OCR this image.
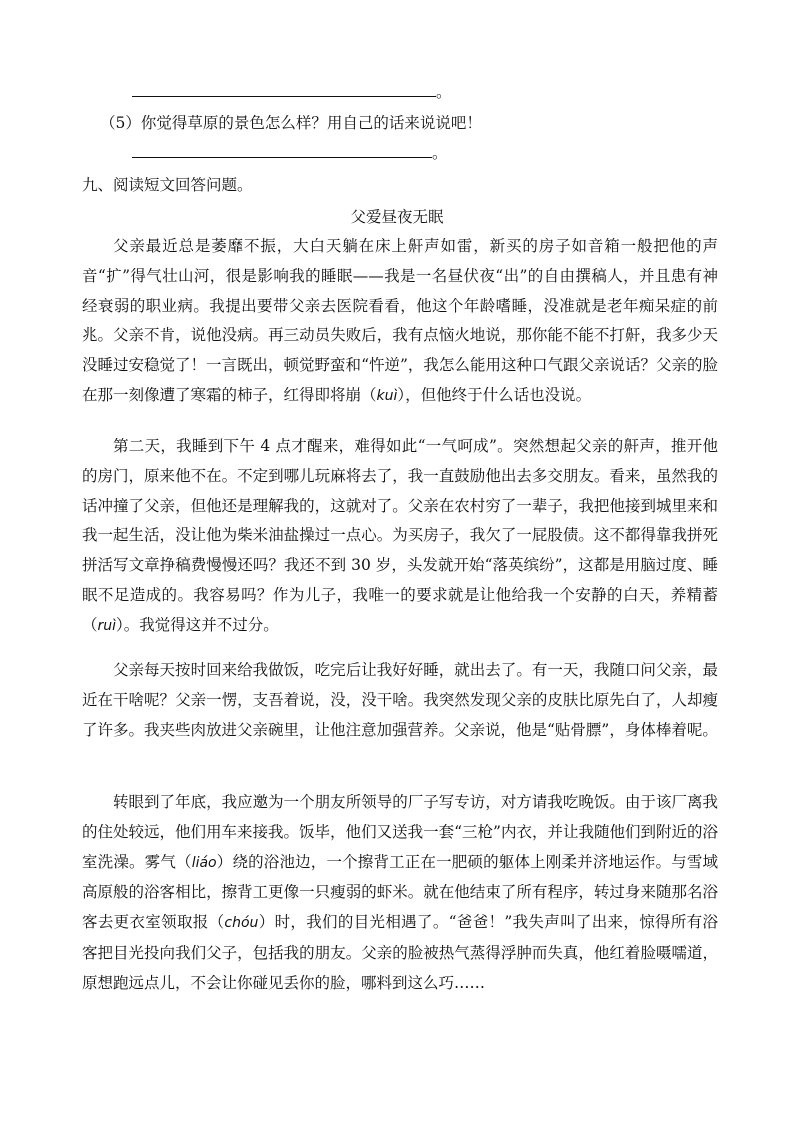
。
（5）你觉得草原的景色怎么样？用自己的话来说说吧！
。
九、阅读短文回答问题。
父爱昼夜无眠

父亲最近总是萎靡不振，大白天躺在床上鼾声如雷，新买的房子如音箱一般把他的声音“扩”得气壮山河，很是影响我的睡眠——我是一名昼伏夜“出”的自由撰稿人，并且患有神经衰弱的职业病。我提出要带父亲去医院看看，他这个年龄嗜睡，没准就是老年痴呆症的前兆。父亲不肯，说他没病。再三动员失败后，我有点恼火地说，那你能不能不打鼾，我多少天没睡过安稳觉了！一言既出，顿觉野蛮和“忤逆”，我怎么能用这种口气跟父亲说话？父亲的脸在那一刻像遭了寒霜的柿子，红得即将崩（kuì），但他终于什么话也没说。

第二天，我睡到下午 4 点才醒来，难得如此“一气呵成”。突然想起父亲的鼾声，推开他的房门，原来他不在。不定到哪儿玩麻将去了，我一直鼓励他出去多交朋友。看来，虽然我的话冲撞了父亲，但他还是理解我的，这就对了。父亲在农村穷了一辈子，我把他接到城里来和我一起生活，没让他为柴米油盐操过一点心。为买房子，我欠了一屁股债。这不都得靠我拼死拼活写文章挣稿费慢慢还吗？我还不到 30 岁，头发就开始“落英缤纷”，这都是用脑过度、睡眠不足造成的。我容易吗？作为儿子，我唯一的要求就是让他给我一个安静的白天，养精蓄（ruì）。我觉得这并不过分。

父亲每天按时回来给我做饭，吃完后让我好好睡，就出去了。有一天，我随口问父亲，最近在干啥呢？父亲一愣，支吾着说，没，没干啥。我突然发现父亲的皮肤比原先白了，人却瘦了许多。我夹些肉放进父亲碗里，让他注意加强营养。父亲说，他是“贴骨膘”，身体棒着呢。

转眼到了年底，我应邀为一个朋友所领导的厂子写专访，对方请我吃晚饭。由于该厂离我的住处较远，他们用车来接我。饭毕，他们又送我一套“三枪”内衣，并让我随他们到附近的浴室洗澡。雾气（liáo）绕的浴池边，一个擦背工正在一肥硕的躯体上刚柔并济地运作。与雪域高原般的浴客相比，擦背工更像一只瘦弱的虾米。就在他结束了所有程序，转过身来随那名浴客去更衣室领取报（chóu）时，我们的目光相遇了。“爸爸！”我失声叫了出来，惊得所有浴客把目光投向我们父子，包括我的朋友。父亲的脸被热气蒸得浮肿而失真，他红着脸嗫嚅道，原想跑远点儿，不会让你碰见丢你的脸，哪料到这么巧……
